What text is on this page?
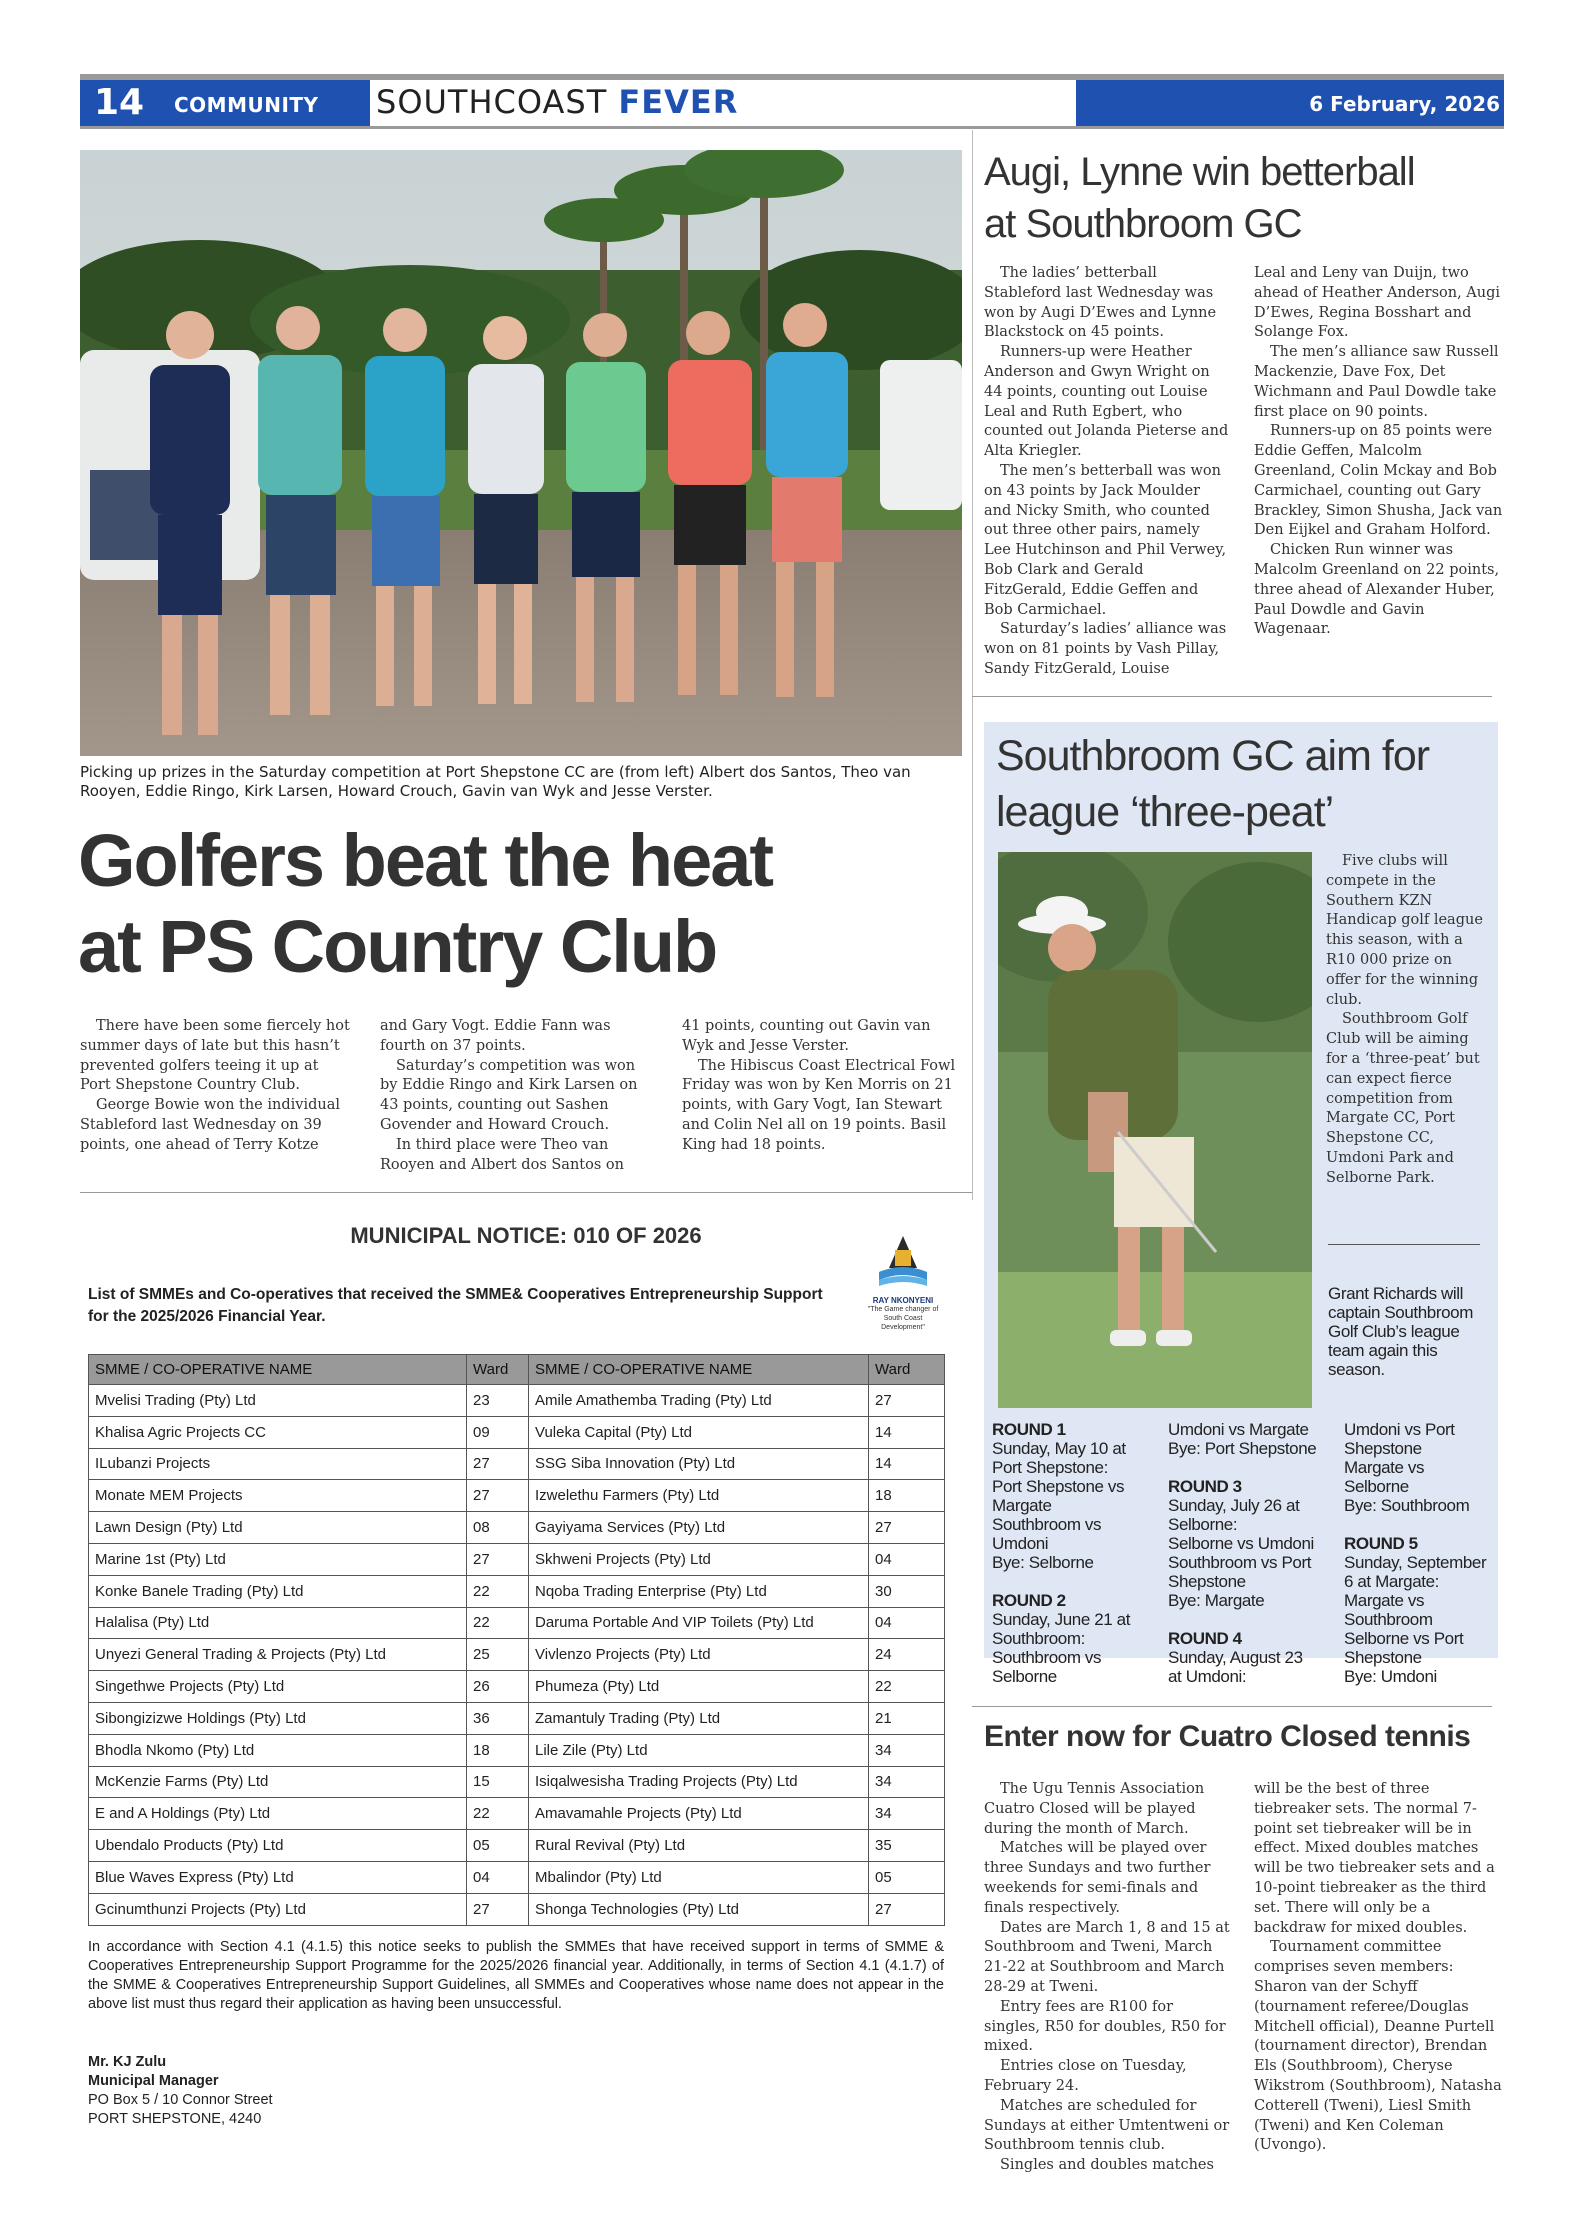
14 COMMUNITY SOUTHCOAST FEVER	6 February, 2026
Picking up prizes in the Saturday competition at Port Shepstone CC are (from left) Albert dos Santos, Theo van Rooyen, Eddie Ringo, Kirk Larsen, Howard Crouch, Gavin van Wyk and Jesse Verster.
Golfers beat the heat
at PS Country Club

There have been some fiercely hot summer days of late but this hasn’t prevented golfers teeing it up at Port Shepstone Country Club.

George Bowie won the individual Stableford last Wednesday on 39 points, one ahead of Terry Kotze

and Gary Vogt. Eddie Fann was fourth on 37 points.

Saturday’s competition was won by Eddie Ringo and Kirk Larsen on 43 points, counting out Sashen Govender and Howard Crouch.

In third place were Theo van Rooyen and Albert dos Santos on

41 points, counting out Gavin van Wyk and Jesse Verster.

The Hibiscus Coast Electrical Fowl Friday was won by Ken Morris on 21 points, with Gary Vogt, Ian Stewart and Colin Nel all on 19 points. Basil King had 18 points.

Augi, Lynne win betterball
at Southbroom GC

The ladies’ betterball Stableford last Wednesday was won by Augi D’Ewes and Lynne Blackstock on 45 points.

Runners-up were Heather Anderson and Gwyn Wright on 44 points, counting out Louise Leal and Ruth Egbert, who counted out Jolanda Pieterse and Alta Kriegler.

The men’s betterball was won on 43 points by Jack Moulder and Nicky Smith, who counted out three other pairs, namely Lee Hutchinson and Phil Verwey, Bob Clark and Gerald FitzGerald, Eddie Geffen and Bob Carmichael.

Saturday’s ladies’ alliance was won on 81 points by Vash Pillay, Sandy FitzGerald, Louise

Leal and Leny van Duijn, two ahead of Heather Anderson, Augi D’Ewes, Regina Bosshart and Solange Fox.

The men’s alliance saw Russell Mackenzie, Dave Fox, Det Wichmann and Paul Dowdle take first place on 90 points.

Runners-up on 85 points were Eddie Geffen, Malcolm Greenland, Colin Mckay and Bob Carmichael, counting out Gary Brackley, Simon Shusha, Jack van Den Eijkel and Graham Holford.

Chicken Run winner was Malcolm Greenland on 22 points, three ahead of Alexander Huber, Paul Dowdle and Gavin Wagenaar.

Southbroom GC aim for
league ‘three-peat’

Five clubs will compete in the Southern KZN Handicap golf league this season, with a R10 000 prize on offer for the winning club.

Southbroom Golf Club will be aiming for a ‘three-peat’ but can expect fierce competition from Margate CC, Port Shepstone CC, Umdoni Park and Selborne Park.

Grant Richards will captain Southbroom Golf Club’s league team again this season.
ROUND 1
Sunday, May 10 at
Port Shepstone:
Port Shepstone vs
Margate
Southbroom vs
Umdoni
Bye: Selborne
ROUND 2
Sunday, June 21 at
Southbroom:
Southbroom vs
Selborne
Umdoni vs Margate
Bye: Port Shepstone
ROUND 3
Sunday, July 26 at
Selborne:
Selborne vs Umdoni
Southbroom vs Port
Shepstone
Bye: Margate
ROUND 4
Sunday, August 23
at Umdoni:
Umdoni vs Port
Shepstone
Margate vs
Selborne
Bye: Southbroom
ROUND 5
Sunday, September
6 at Margate:
Margate vs
Southbroom
Selborne vs Port
Shepstone
Bye: Umdoni
Enter now for Cuatro Closed tennis

The Ugu Tennis Association Cuatro Closed will be played during the month of March.

Matches will be played over three Sundays and two further weekends for semi-finals and finals respectively.

Dates are March 1, 8 and 15 at Southbroom and Tweni, March 21-22 at Southbroom and March 28-29 at Tweni.

Entry fees are R100 for singles, R50 for doubles, R50 for mixed.

Entries close on Tuesday, February 24.

Matches are scheduled for Sundays at either Umtentweni or Southbroom tennis club.

Singles and doubles matches

will be the best of three tiebreaker sets. The normal 7-point set tiebreaker will be in effect. Mixed doubles matches will be two tiebreaker sets and a 10-point tiebreaker as the third set. There will only be a backdraw for mixed doubles.

Tournament committee comprises seven members: Sharon van der Schyff (tournament referee/Douglas Mitchell official), Deanne Purtell (tournament director), Brendan Els (Southbroom), Cheryse Wikstrom (Southbroom), Natasha Cotterell (Tweni), Liesl Smith (Tweni) and Ken Coleman (Uvongo).

MUNICIPAL NOTICE: 010 OF 2026
List of SMMEs and Co-operatives that received the SMME& Cooperatives Entrepreneurship Support for the 2025/2026 Financial Year.
RAY NKONYENI
"The Game changer of South Coast Development"
SMME / CO-OPERATIVE NAME	Ward	SMME / CO-OPERATIVE NAME	Ward
Mvelisi Trading (Pty) Ltd	23	Amile Amathemba Trading (Pty) Ltd	27
Khalisa Agric Projects CC	09	Vuleka Capital (Pty) Ltd	14
ILubanzi Projects	27	SSG Siba Innovation (Pty) Ltd	14
Monate MEM Projects	27	Izwelethu Farmers (Pty) Ltd	18
Lawn Design (Pty) Ltd	08	Gayiyama Services (Pty) Ltd	27
Marine 1st (Pty) Ltd	27	Skhweni Projects (Pty) Ltd	04
Konke Banele Trading (Pty) Ltd	22	Nqoba Trading Enterprise (Pty) Ltd	30
Halalisa (Pty) Ltd	22	Daruma Portable And VIP Toilets (Pty) Ltd	04
Unyezi General Trading & Projects (Pty) Ltd	25	Vivlenzo Projects (Pty) Ltd	24
Singethwe Projects (Pty) Ltd	26	Phumeza (Pty) Ltd	22
Sibongizizwe Holdings (Pty) Ltd	36	Zamantuly Trading (Pty) Ltd	21
Bhodla Nkomo (Pty) Ltd	18	Lile Zile (Pty) Ltd	34
McKenzie Farms (Pty) Ltd	15	Isiqalwesisha Trading Projects (Pty) Ltd	34
E and A Holdings (Pty) Ltd	22	Amavamahle Projects (Pty) Ltd	34
Ubendalo Products (Pty) Ltd	05	Rural Revival (Pty) Ltd	35
Blue Waves Express (Pty) Ltd	04	Mbalindor (Pty) Ltd	05
Gcinumthunzi Projects (Pty) Ltd	27	Shonga Technologies (Pty) Ltd	27
In accordance with Section 4.1 (4.1.5) this notice seeks to publish the SMMEs that have received support in terms of SMME & Cooperatives Entrepreneurship Support Programme for the 2025/2026 financial year. Additionally, in terms of Section 4.1 (4.1.7) of the SMME & Cooperatives Entrepreneurship Support Guidelines, all SMMEs and Cooperatives whose name does not appear in the above list must thus regard their application as having been unsuccessful.
Mr. KJ Zulu
Municipal Manager
PO Box 5 / 10 Connor Street
PORT SHEPSTONE, 4240
